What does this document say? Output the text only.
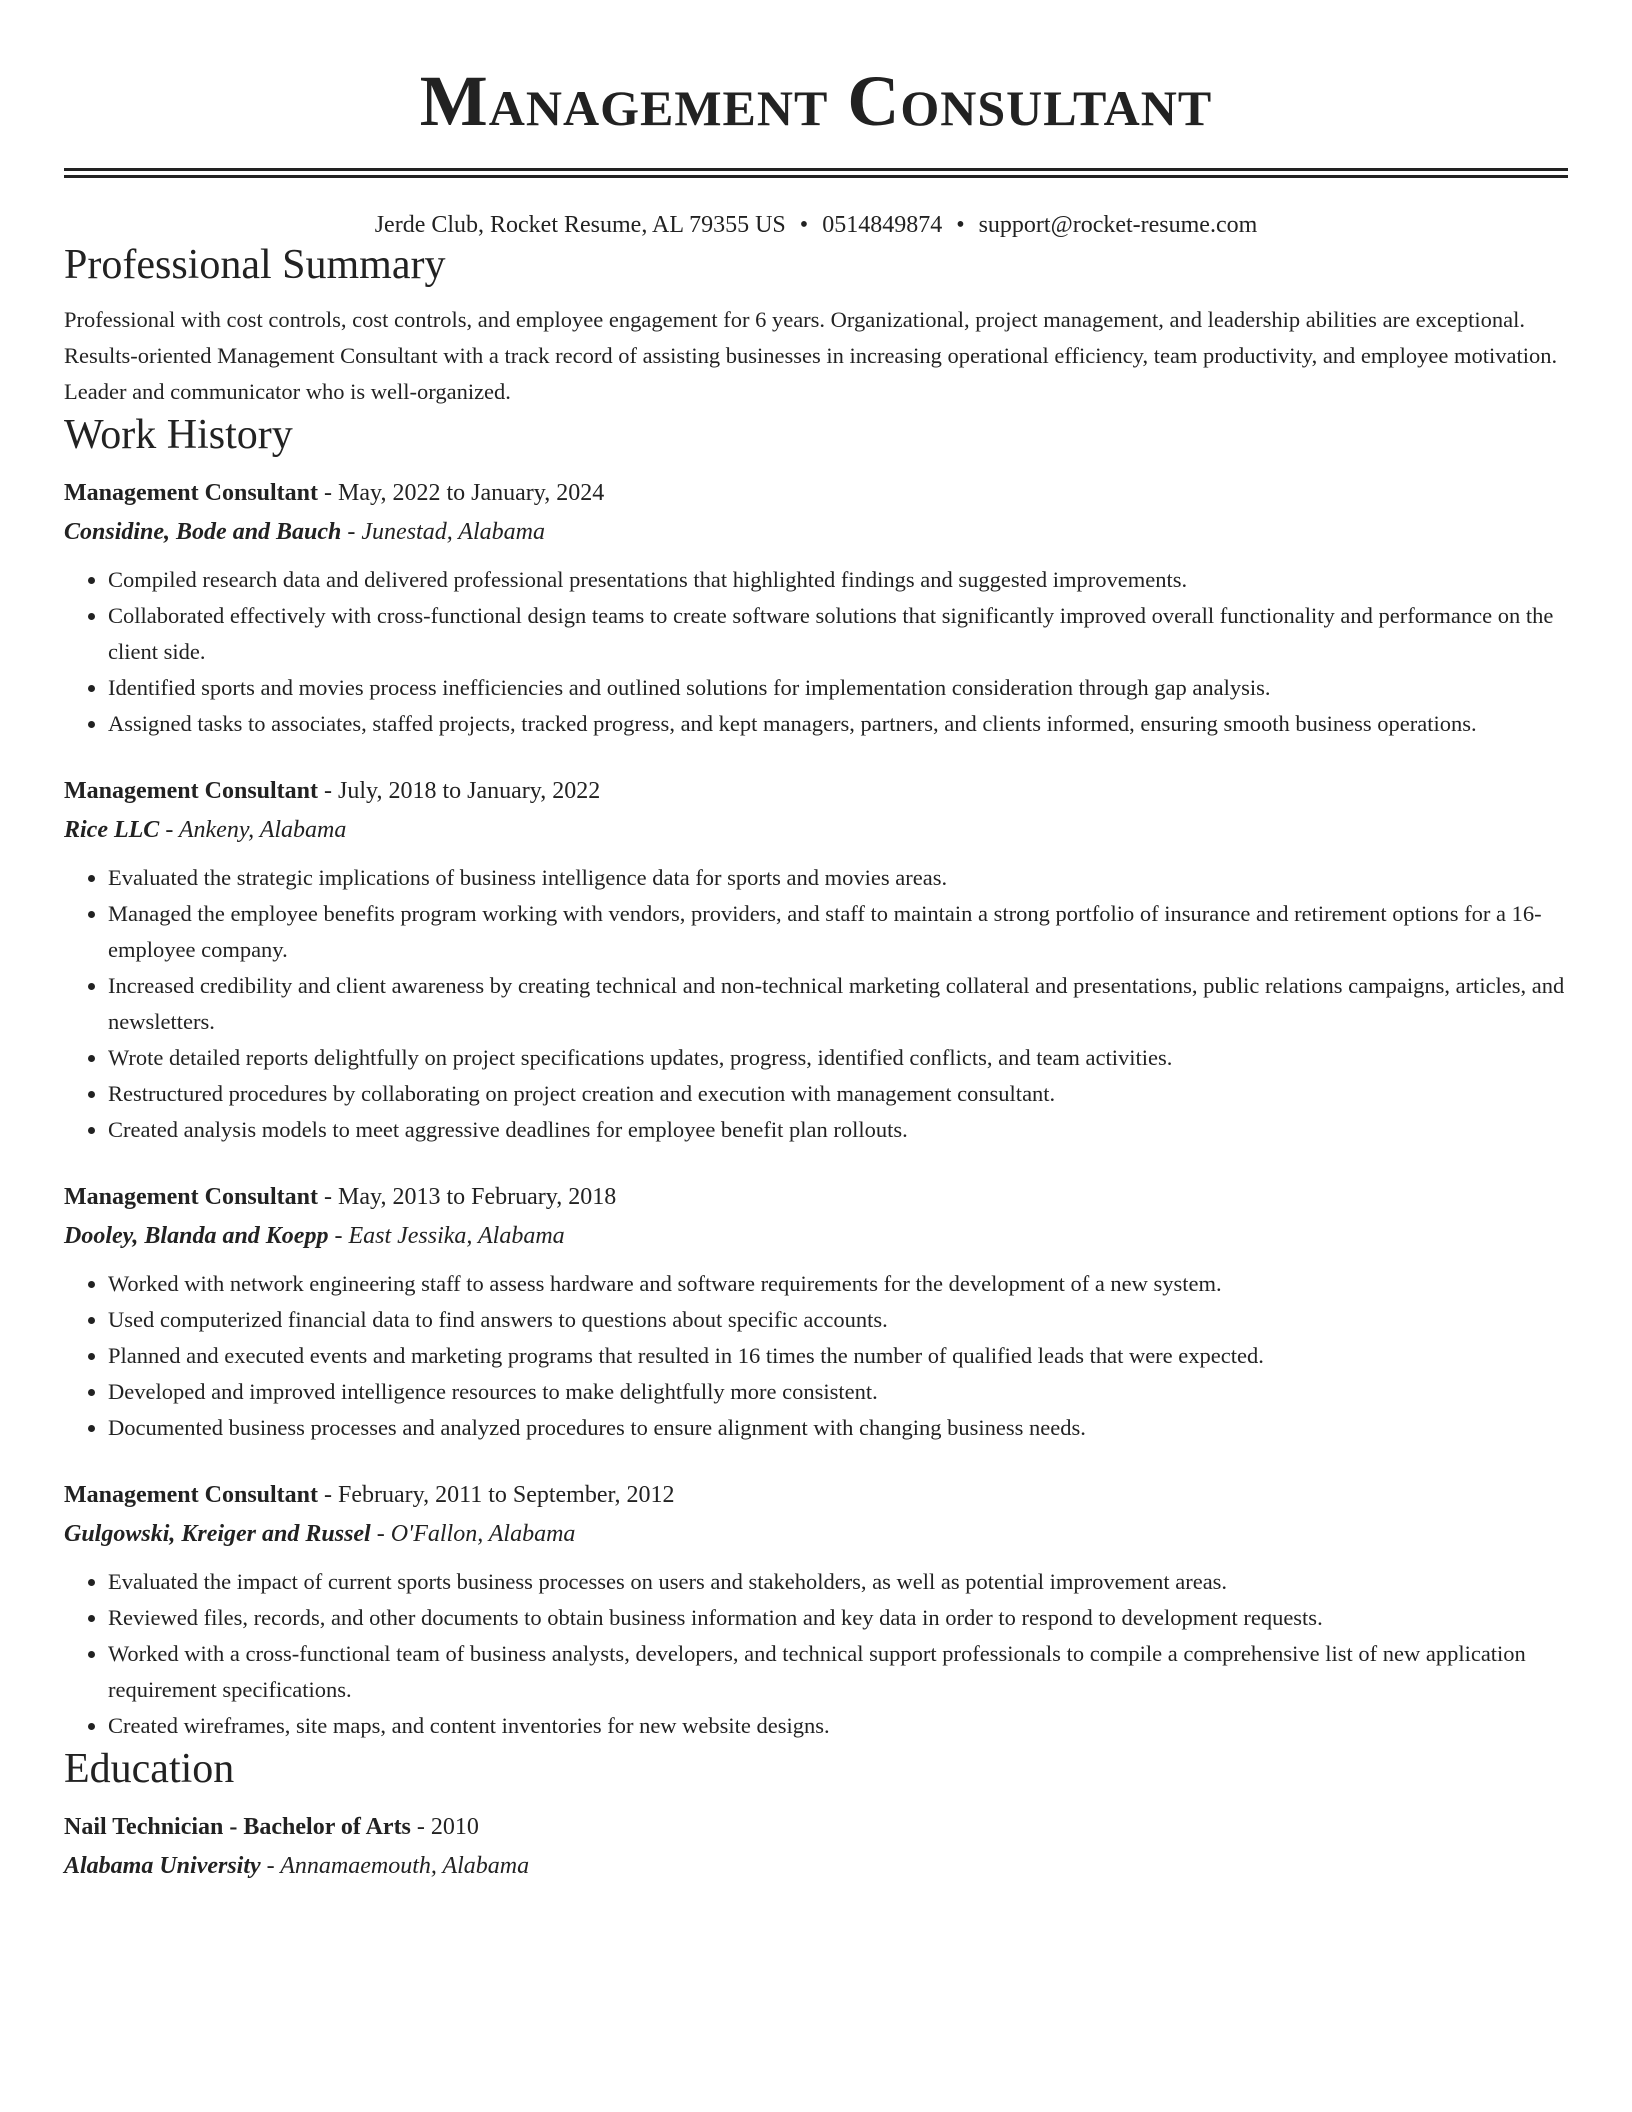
Management Consultant
Jerde Club, Rocket Resume, AL 79355 US • 0514849874 • support@rocket-resume.com
Professional Summary

Professional with cost controls, cost controls, and employee engagement for 6 years. Organizational, project management, and leadership abilities are exceptional. Results-oriented Management Consultant with a track record of assisting businesses in increasing operational efficiency, team productivity, and employee motivation. Leader and communicator who is well-organized.

Work History
Management Consultant - May, 2022 to January, 2024
Considine, Bode and Bauch - Junestad, Alabama
• Compiled research data and delivered professional presentations that highlighted findings and suggested improvements.
• Collaborated effectively with cross-functional design teams to create software solutions that significantly improved overall functionality and performance on the client side.
• Identified sports and movies process inefficiencies and outlined solutions for implementation consideration through gap analysis.
• Assigned tasks to associates, staffed projects, tracked progress, and kept managers, partners, and clients informed, ensuring smooth business operations.
Management Consultant - July, 2018 to January, 2022
Rice LLC - Ankeny, Alabama
• Evaluated the strategic implications of business intelligence data for sports and movies areas.
• Managed the employee benefits program working with vendors, providers, and staff to maintain a strong portfolio of insurance and retirement options for a 16-employee company.
• Increased credibility and client awareness by creating technical and non-technical marketing collateral and presentations, public relations campaigns, articles, and newsletters.
• Wrote detailed reports delightfully on project specifications updates, progress, identified conflicts, and team activities.
• Restructured procedures by collaborating on project creation and execution with management consultant.
• Created analysis models to meet aggressive deadlines for employee benefit plan rollouts.
Management Consultant - May, 2013 to February, 2018
Dooley, Blanda and Koepp - East Jessika, Alabama
• Worked with network engineering staff to assess hardware and software requirements for the development of a new system.
• Used computerized financial data to find answers to questions about specific accounts.
• Planned and executed events and marketing programs that resulted in 16 times the number of qualified leads that were expected.
• Developed and improved intelligence resources to make delightfully more consistent.
• Documented business processes and analyzed procedures to ensure alignment with changing business needs.
Management Consultant - February, 2011 to September, 2012
Gulgowski, Kreiger and Russel - O'Fallon, Alabama
• Evaluated the impact of current sports business processes on users and stakeholders, as well as potential improvement areas.
• Reviewed files, records, and other documents to obtain business information and key data in order to respond to development requests.
• Worked with a cross-functional team of business analysts, developers, and technical support professionals to compile a comprehensive list of new application requirement specifications.
• Created wireframes, site maps, and content inventories for new website designs.
Education
Nail Technician - Bachelor of Arts - 2010
Alabama University - Annamaemouth, Alabama
